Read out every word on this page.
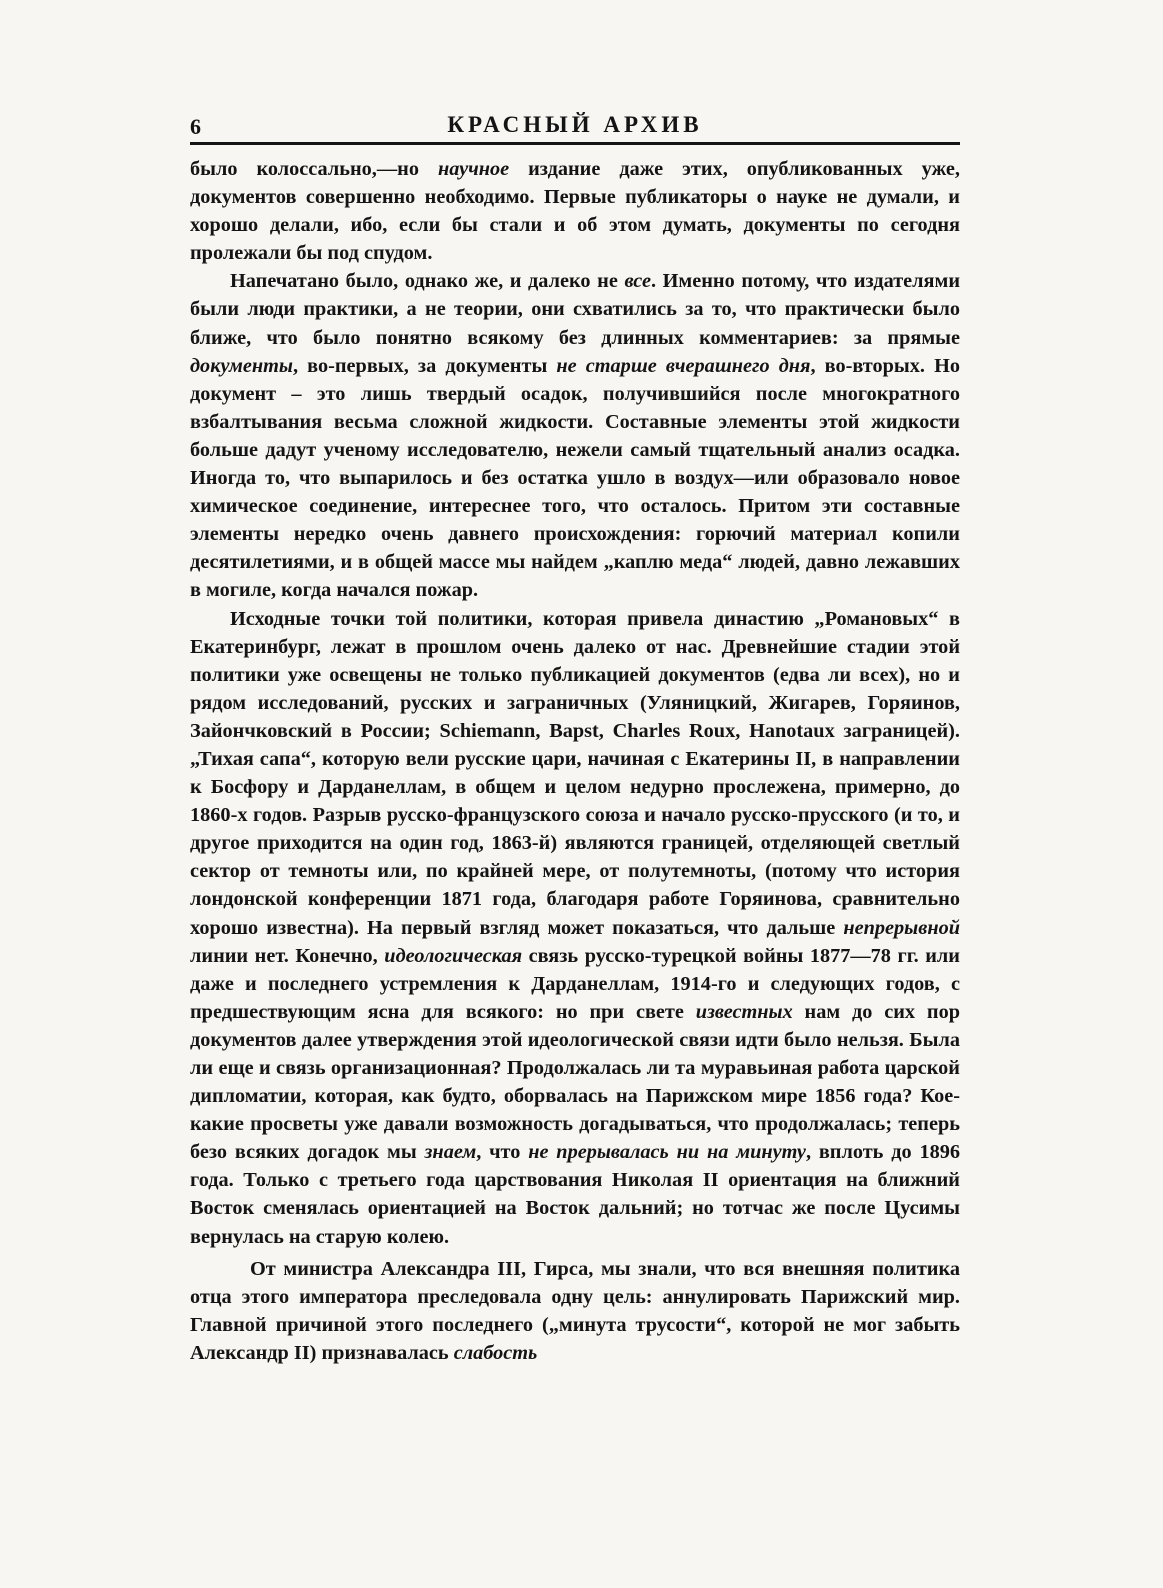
6	КРАСНЫЙ АРХИВ

было колоссально,—но научное издание даже этих, опубликованных уже, документов совершенно необходимо. Первые публикаторы о науке не думали, и хорошо делали, ибо, если бы стали и об этом думать, документы по сегодня пролежали бы под спудом.

Напечатано было, однако же, и далеко не все. Именно потому, что издателями были люди практики, а не теории, они схватились за то, что практически было ближе, что было понятно всякому без длинных комментариев: за прямые документы, во-первых, за документы не старше вчерашнего дня, во-вторых. Но документ – это лишь твердый осадок, получившийся после многократного взбалтывания весьма сложной жидкости. Составные элементы этой жидкости больше дадут ученому исследователю, нежели самый тщательный анализ осадка. Иногда то, что выпарилось и без остатка ушло в воздух—или образовало новое химическое соединение, интереснее того, что осталось. Притом эти составные элементы нередко очень давнего происхождения: горючий материал копили десятилетиями, и в общей массе мы найдем „каплю меда“ людей, давно лежавших в могиле, когда начался пожар.

Исходные точки той политики, которая привела династию „Романовых“ в Екатеринбург, лежат в прошлом очень далеко от нас. Древнейшие стадии этой политики уже освещены не только публикацией документов (едва ли всех), но и рядом исследований, русских и заграничных (Уляницкий, Жигарев, Горяинов, Зайончковский в России; Schiemann, Bapst, Charles Roux, Hanotaux заграницей). „Тихая сапа“, которую вели русские цари, начиная с Екатерины II, в направлении к Босфору и Дарданеллам, в общем и целом недурно прослежена, примерно, до 1860-х годов. Разрыв русско-французского союза и начало русско-прусского (и то, и другое приходится на один год, 1863-й) являются границей, отделяющей светлый сектор от темноты или, по крайней мере, от полутемноты, (потому что история лондонской конференции 1871 года, благодаря работе Горяинова, сравнительно хорошо известна). На первый взгляд может показаться, что дальше непрерывной линии нет. Конечно, идеологическая связь русско-турецкой войны 1877—78 гг. или даже и последнего устремления к Дарданеллам, 1914-го и следующих годов, с предшествующим ясна для всякого: но при свете известных нам до сих пор документов далее утверждения этой идеологической связи идти было нельзя. Была ли еще и связь организационная? Продолжалась ли та муравьиная работа царской дипломатии, которая, как будто, оборвалась на Парижском мире 1856 года? Кое-какие просветы уже давали возможность догадываться, что продолжалась; теперь безо всяких догадок мы знаем, что не прерывалась ни на минуту, вплоть до 1896 года. Только с третьего года царствования Николая II ориентация на ближний Восток сменялась ориентацией на Восток дальний; но тотчас же после Цусимы вернулась на старую колею.

От министра Александра III, Гирса, мы знали, что вся внешняя политика отца этого императора преследовала одну цель: аннулировать Парижский мир. Главной причиной этого последнего („минута трусости“, которой не мог забыть Александр II) признавалась слабость
